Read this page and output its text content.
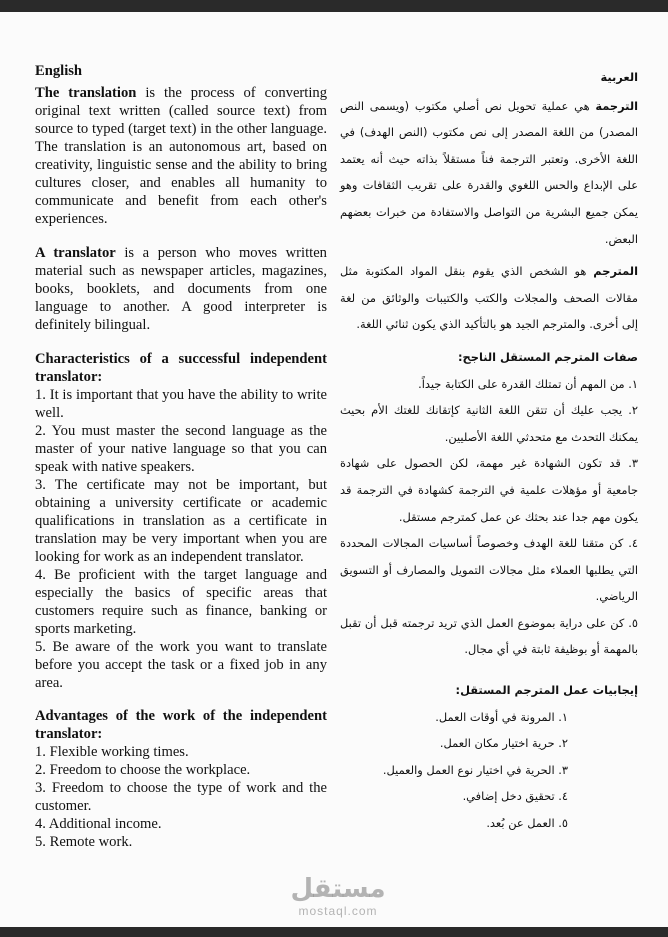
English

The translation is the process of converting original text written (called source text) from source to typed (target text) in the other language. The translation is an autonomous art, based on creativity, linguistic sense and the ability to bring cultures closer, and enables all humanity to communicate and benefit from each other's experiences.

A translator is a person who moves written material such as newspaper articles, magazines, books, booklets, and documents from one language to another. A good interpreter is definitely bilingual.

Characteristics of a successful independent translator:

1. It is important that you have the ability to write well.

2. You must master the second language as the master of your native language so that you can speak with native speakers.

3. The certificate may not be important, but obtaining a university certificate or academic qualifications in translation as a certificate in translation may be very important when you are looking for work as an independent translator.

4. Be proficient with the target language and especially the basics of specific areas that customers require such as finance, banking or sports marketing.

5. Be aware of the work you want to translate before you accept the task or a fixed job in any area.

Advantages of the work of the independent translator:

1. Flexible working times.

2. Freedom to choose the workplace.

3. Freedom to choose the type of work and the customer.

4. Additional income.

5. Remote work.

العربية

الترجمة هي عملية تحويل نص أصلي مكتوب (ويسمى النص المصدر) من اللغة المصدر إلى نص مكتوب (النص الهدف) في اللغة الأخرى. وتعتبر الترجمة فناً مستقلاً بذاته حيث أنه يعتمد على الإبداع والحس اللغوي والقدرة على تقريب الثقافات وهو يمكن جميع البشرية من التواصل والاستفادة من خبرات بعضهم البعض.

المترجم هو الشخص الذي يقوم بنقل المواد المكتوبة مثل مقالات الصحف والمجلات والكتب والكتيبات والوثائق من لغة إلى أخرى. والمترجم الجيد هو بالتأكيد الذي يكون ثنائي اللغة.

صفات المترجم المستقل الناجح:

١. من المهم أن تمتلك القدرة على الكتابة جيداً.

٢. يجب عليك أن تتقن اللغة الثانية كإتقانك للغتك الأم بحيث يمكنك التحدث مع متحدثي اللغة الأصليين.

٣. قد تكون الشهادة غير مهمة، لكن الحصول على شهادة جامعية أو مؤهلات علمية في الترجمة كشهادة في الترجمة قد يكون مهم جدا عند بحثك عن عمل كمترجم مستقل.

٤. كن متقنا للغة الهدف وخصوصاً أساسيات المجالات المحددة التي يطلبها العملاء مثل مجالات التمويل والمصارف أو التسويق الرياضي.

٥. كن على دراية بموضوع العمل الذي تريد ترجمته قبل أن تقبل بالمهمة أو بوظيفة ثابتة في أي مجال.

إيجابيات عمل المترجم المستقل:

١. المرونة في أوقات العمل.

٢. حرية اختيار مكان العمل.

٣. الحرية في اختيار نوع العمل والعميل.

٤. تحقيق دخل إضافي.

٥. العمل عن بُعد.

مستقل
mostaql.com
